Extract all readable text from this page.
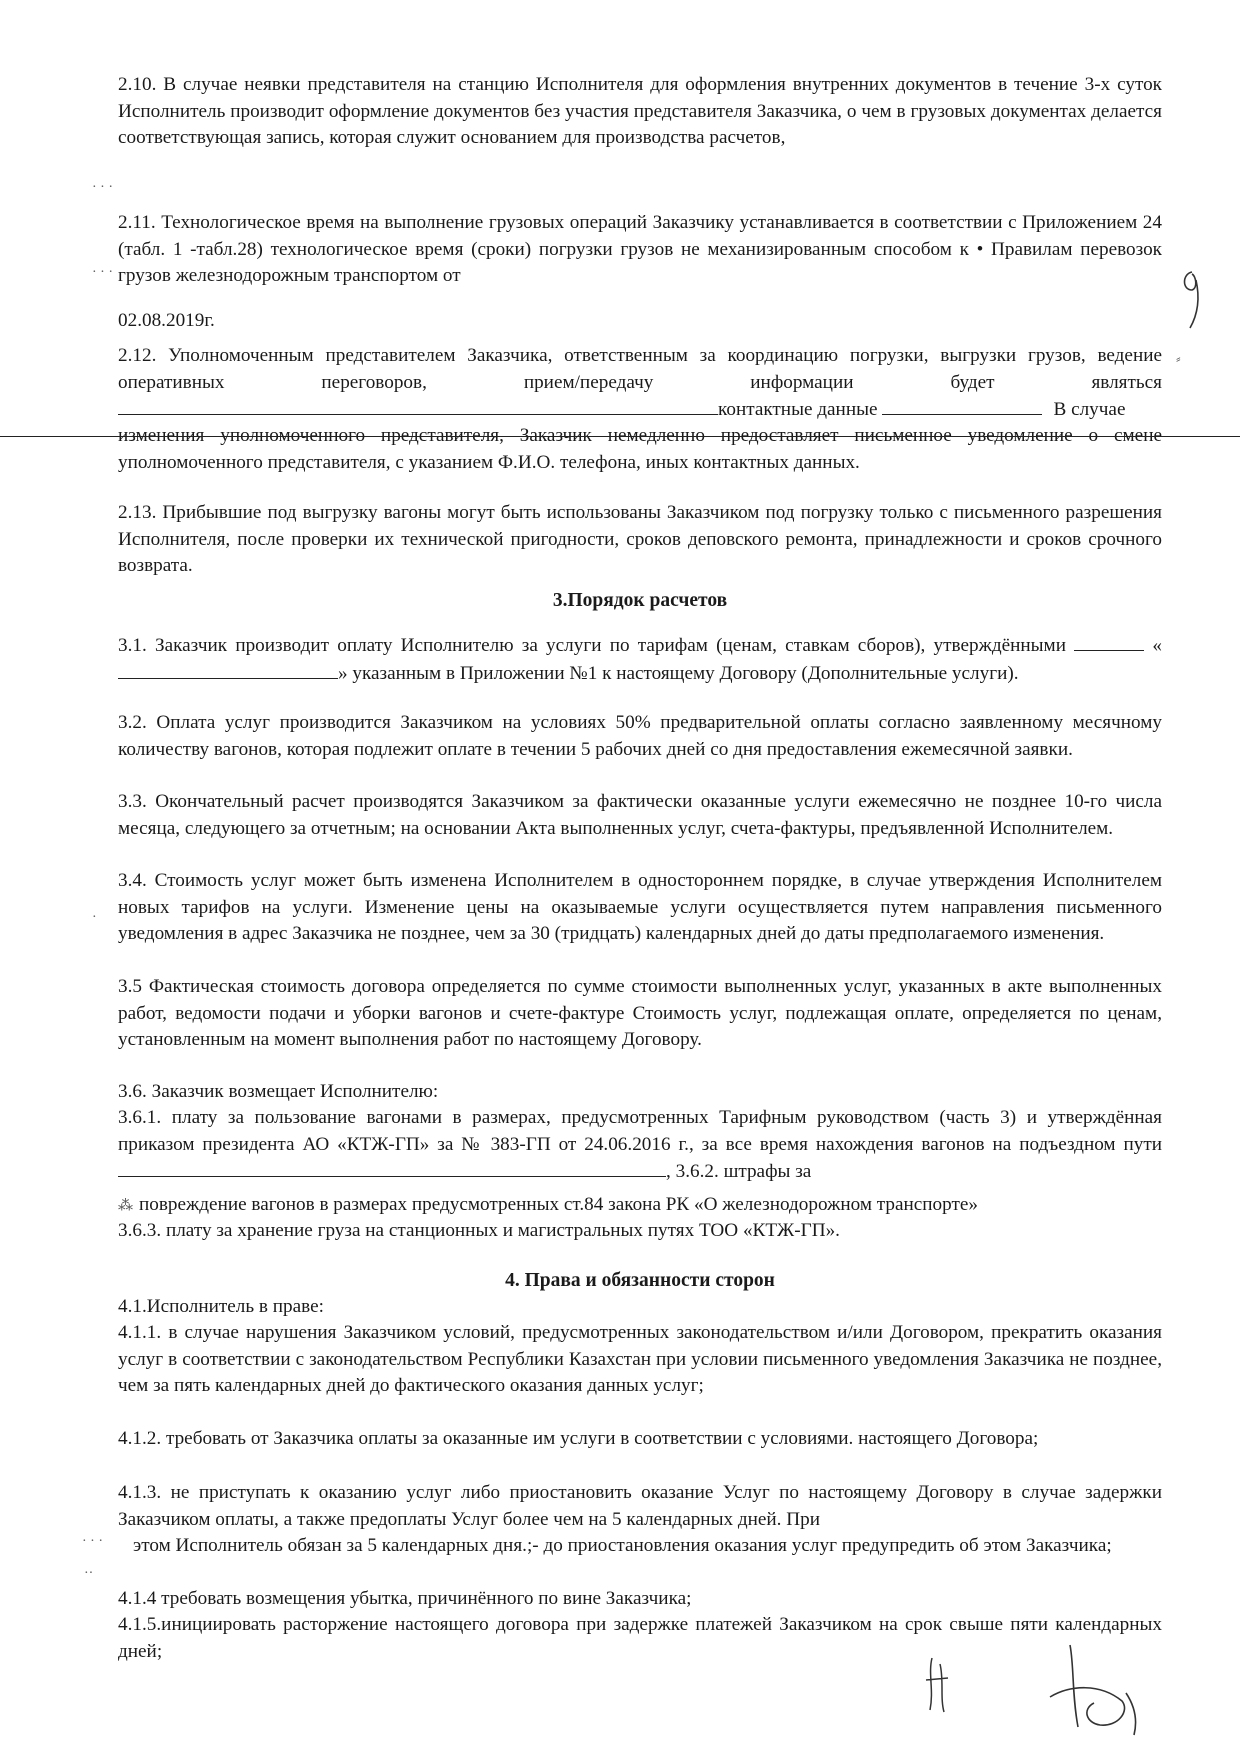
2.10. В случае неявки представителя на станцию Исполнителя для оформления внутренних документов в течение 3-х суток Исполнитель производит оформление документов без участия представителя Заказчика, о чем в грузовых документах делается соответствующая запись, которая служит основанием для производства расчетов,

· · ·

2.11. Технологическое время на выполнение грузовых операций Заказчику устанавливается в соответствии с Приложением 24 (табл. 1 -табл.28) технологическое время (сроки) погрузки грузов не механизированным способом к • Правилам перевозок грузов железнодорожным транспортом от

· · ·

02.08.2019г.

⸗
2.12. Уполномоченным представителем Заказчика, ответственным за координацию погрузки, выгрузки грузов, ведение оперативных переговоров, прием/передачу информации будет являться
контактные данные	В случае

изменения уполномоченного представителя, Заказчик немедленно предоставляет письменное уведомление о смене уполномоченного представителя, с указанием Ф.И.О. телефона, иных контактных данных.

2.13. Прибывшие под выгрузку вагоны могут быть использованы Заказчиком под погрузку только с письменного разрешения Исполнителя, после проверки их технической пригодности, сроков деповского ремонта, принадлежности и сроков срочного возврата.

3.Порядок расчетов

3.1. Заказчик производит оплату Исполнителю за услуги по тарифам (ценам, ставкам сборов), утверждёнными	«» указанным в Приложении №1 к настоящему Договору (Дополнительные услуги).

3.2. Оплата услуг производится Заказчиком на условиях 50% предварительной оплаты согласно заявленному месячному количеству вагонов, которая подлежит оплате в течении 5 рабочих дней со дня предоставления ежемесячной заявки.

3.3. Окончательный расчет производятся Заказчиком за фактически оказанные услуги ежемесячно не позднее 10-го числа месяца, следующего за отчетным; на основании Акта выполненных услуг, счета-фактуры, предъявленной Исполнителем.

3.4. Стоимость услуг может быть изменена Исполнителем в одностороннем порядке, в случае утверждения Исполнителем новых тарифов на услуги. Изменение цены на оказываемые услуги осуществляется путем направления письменного уведомления в адрес Заказчика не позднее, чем за 30 (тридцать) календарных дней до даты предполагаемого изменения.

·

3.5 Фактическая стоимость договора определяется по сумме стоимости выполненных услуг, указанных в акте выполненных работ, ведомости подачи и уборки вагонов и счете-фактуре Стоимость услуг, подлежащая оплате, определяется по ценам, установленным на момент выполнения работ по настоящему Договору.

3.6. Заказчик возмещает Исполнителю:

3.6.1. плату за пользование вагонами в размерах, предусмотренных Тарифным руководством (часть 3) и утверждённая приказом президента АО «КТЖ-ГП» за № 383-ГП от 24.06.2016 г., за все время нахождения вагонов на подъездном пути , 3.6.2. штрафы за

⁂ повреждение вагонов в размерах предусмотренных ст.84 закона РК «О железнодорожном транспорте»

3.6.3. плату за хранение груза на станционных и магистральных путях ТОО «КТЖ-ГП».

4. Права и обязанности сторон

4.1.Исполнитель в праве:

4.1.1. в случае нарушения Заказчиком условий, предусмотренных законодательством и/или Договором, прекратить оказания услуг в соответствии с законодательством Республики Казахстан при условии письменного уведомления Заказчика не позднее, чем за пять календарных дней до фактического оказания данных услуг;

4.1.2. требовать от Заказчика оплаты за оказанные им услуги в соответствии с условиями. настоящего Договора;

4.1.3. не приступать к оказанию услуг либо приостановить оказание Услуг по настоящему Договору в случае задержки Заказчиком оплаты, а также предоплаты Услуг более чем на 5 календарных дней. При

· · ·
··

этом Исполнитель обязан за 5 календарных дня.;- до приостановления оказания услуг предупредить об этом Заказчика;

4.1.4 требовать возмещения убытка, причинённого по вине Заказчика;

4.1.5.инициировать расторжение настоящего договора при задержке платежей Заказчиком на срок свыше пяти календарных дней;
